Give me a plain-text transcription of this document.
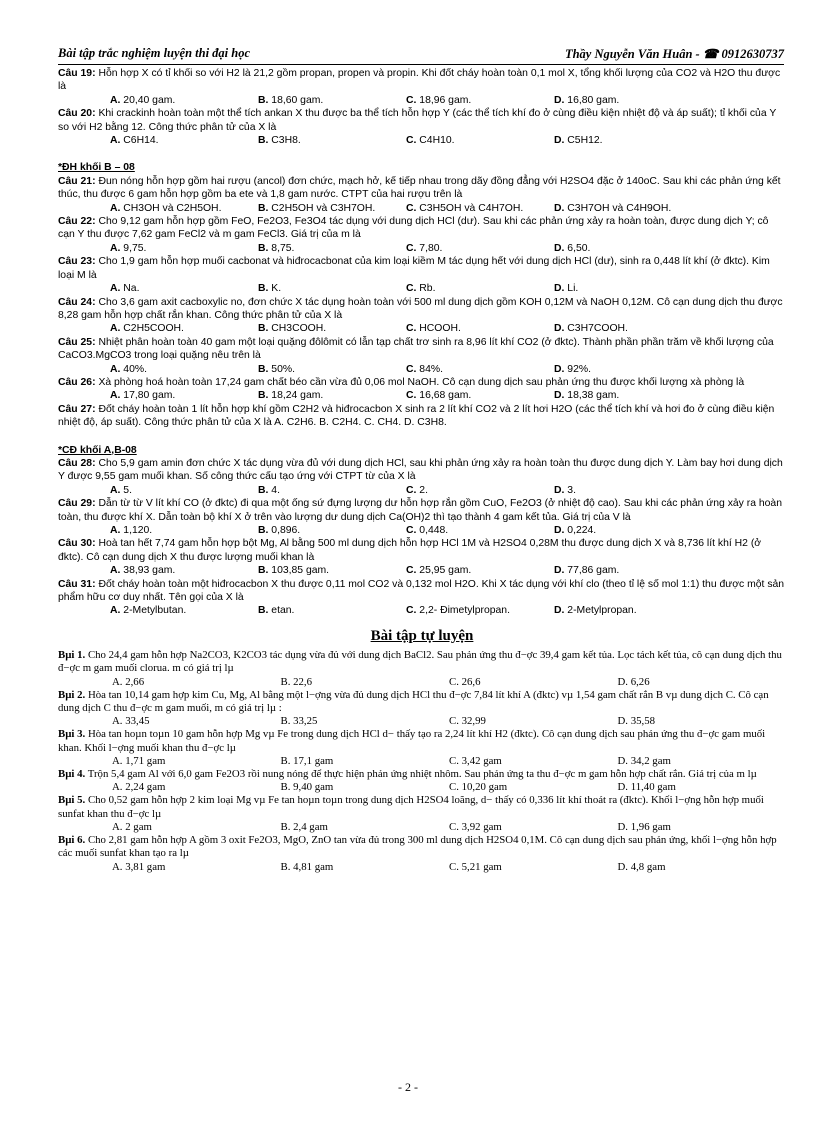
Bài tập trắc nghiệm luyện thi đại học	Thầy Nguyễn Văn Huân - ☎ 0912630737

Câu 19: Hỗn hợp X có tỉ khối so với H2 là 21,2 gồm propan, propen và propin. Khi đốt cháy hoàn toàn 0,1 mol X, tổng khối lượng của CO2 và H2O thu được là

A. 20,40 gam.	B. 18,60 gam.	C. 18,96 gam.	D. 16,80 gam.

Câu 20: Khi crackinh hoàn toàn một thể tích ankan X thu được ba thể tích hỗn hợp Y (các thể tích khí đo ở cùng điều kiện nhiệt độ và áp suất); tỉ khối của Y so với H2 bằng 12. Công thức phân tử của X là

A. C6H14.	B. C3H8.	C. C4H10.	D. C5H12.
*ĐH khối B – 08

Câu 21: Đun nóng hỗn hợp gồm hai rượu (ancol) đơn chức, mạch hở, kế tiếp nhau trong dãy đồng đẳng với H2SO4 đặc ở 140oC. Sau khi các phản ứng kết thúc, thu được 6 gam hỗn hợp gồm ba ete và 1,8 gam nước. CTPT của hai rượu trên là

A. CH3OH và C2H5OH.	B. C2H5OH và C3H7OH.	C. C3H5OH và C4H7OH.	D. C3H7OH và C4H9OH.

Câu 22: Cho 9,12 gam hỗn hợp gồm FeO, Fe2O3, Fe3O4 tác dụng với dung dịch HCl (dư). Sau khi các phản ứng xảy ra hoàn toàn, được dung dịch Y; cô cạn Y thu được 7,62 gam FeCl2 và m gam FeCl3. Giá trị của m là

A. 9,75.	B. 8,75.	C. 7,80.	D. 6,50.

Câu 23: Cho 1,9 gam hỗn hợp muối cacbonat và hiđrocacbonat của kim loại kiềm M tác dụng hết với dung dịch HCl (dư), sinh ra 0,448 lít khí (ở đktc). Kim loại M là

A. Na.	B. K.	C. Rb.	D. Li.

Câu 24: Cho 3,6 gam axit cacboxylic no, đơn chức X tác dụng hoàn toàn với 500 ml dung dịch gồm KOH 0,12M và NaOH 0,12M. Cô cạn dung dịch thu được 8,28 gam hỗn hợp chất rắn khan. Công thức phân tử của X là

A. C2H5COOH.	B. CH3COOH.	C. HCOOH.	D. C3H7COOH.

Câu 25: Nhiệt phân hoàn toàn 40 gam một loại quặng đôlômit có lẫn tạp chất trơ sinh ra 8,96 lít khí CO2 (ở đktc). Thành phần phần trăm về khối lượng của CaCO3.MgCO3 trong loại quặng nêu trên là

A. 40%.	B. 50%.	C. 84%.	D. 92%.

Câu 26: Xà phòng hoá hoàn toàn 17,24 gam chất béo cần vừa đủ 0,06 mol NaOH. Cô cạn dung dịch sau phản ứng thu được khối lượng xà phòng là

A. 17,80 gam.	B. 18,24 gam.	C. 16,68 gam.	D. 18,38 gam.

Câu 27: Đốt cháy hoàn toàn 1 lít hỗn hợp khí gồm C2H2 và hiđrocacbon X sinh ra 2 lít khí CO2 và 2 lít hơi H2O (các thể tích khí và hơi đo ở cùng điều kiện nhiệt độ, áp suất). Công thức phân tử của X là A. C2H6. B. C2H4. C. CH4. D. C3H8.

*CĐ khối A,B-08

Câu 28: Cho 5,9 gam amin đơn chức X tác dụng vừa đủ với dung dịch HCl, sau khi phản ứng xảy ra hoàn toàn thu được dung dịch Y. Làm bay hơi dung dịch Y được 9,55 gam muối khan. Số công thức cấu tạo ứng với CTPT từ của X là

A. 5.	B. 4.	C. 2.	D. 3.

Câu 29: Dẫn từ từ V lít khí CO (ở đktc) đi qua một ống sứ đựng lượng dư hỗn hợp rắn gồm CuO, Fe2O3 (ở nhiệt độ cao). Sau khi các phản ứng xảy ra hoàn toàn, thu được khí X. Dẫn toàn bộ khí X ở trên vào lượng dư dung dịch Ca(OH)2 thì tạo thành 4 gam kết tủa. Giá trị của V là

A. 1,120.	B. 0,896.	C. 0,448.	D. 0,224.

Câu 30: Hoà tan hết 7,74 gam hỗn hợp bột Mg, Al bằng 500 ml dung dịch hỗn hợp HCl 1M và H2SO4 0,28M thu được dung dịch X và 8,736 lít khí H2 (ở đktc). Cô cạn dung dịch X thu được lượng muối khan là

A. 38,93 gam.	B. 103,85 gam.	C. 25,95 gam.	D. 77,86 gam.

Câu 31: Đốt cháy hoàn toàn một hiđrocacbon X thu được 0,11 mol CO2 và 0,132 mol H2O. Khi X tác dụng với khí clo (theo tỉ lệ số mol 1:1) thu được một sản phẩm hữu cơ duy nhất. Tên gọi của X là

A. 2-Metylbutan.	B. etan.	C. 2,2- Đimetylpropan.	D. 2-Metylpropan.
Bài tập tự luyện

Bµi 1. Cho 24,4 gam hỗn hợp Na2CO3, K2CO3 tác dụng vừa đủ với dung dịch BaCl2. Sau phản ứng thu đ−ợc 39,4 gam kết tủa. Lọc tách kết tủa, cô cạn dung dịch thu đ−ợc m gam muối clorua. m có giá trị lµ

A. 2,66	B. 22,6	C. 26,6	D. 6,26

Bµi 2. Hòa tan 10,14 gam hợp kim Cu, Mg, Al bằng một l−ợng vừa đủ dung dịch HCl thu đ−ợc 7,84 lít khí A (đktc) vµ 1,54 gam chất rắn B vµ dung dịch C. Cô cạn dung dịch C thu đ−ợc m gam muối, m có giá trị lµ :

A. 33,45	B. 33,25	C. 32,99	D. 35,58

Bµi 3. Hòa tan hoµn toµn 10 gam hỗn hợp Mg vµ Fe trong dung dịch HCl d− thấy tạo ra 2,24 lít khí H2 (đktc). Cô cạn dung dịch sau phản ứng thu đ−ợc gam muối khan. Khối l−ợng muối khan thu đ−ợc lµ

A. 1,71 gam	B. 17,1 gam	C. 3,42 gam	D. 34,2 gam

Bµi 4. Trộn 5,4 gam Al với 6,0 gam Fe2O3 rồi nung nóng để thực hiện phản ứng nhiệt nhôm. Sau phản ứng ta thu đ−ợc m gam hỗn hợp chất rắn. Giá trị của m lµ

A. 2,24 gam	B. 9,40 gam	C. 10,20 gam	D. 11,40 gam

Bµi 5. Cho 0,52 gam hỗn hợp 2 kim loại Mg vµ Fe tan hoµn toµn trong dung dịch H2SO4 loãng, d− thấy có 0,336 lít khí thoát ra (đktc). Khối l−ợng hỗn hợp muối sunfat khan thu đ−ợc lµ

A. 2 gam	B. 2,4 gam	C. 3,92 gam	D. 1,96 gam

Bµi 6. Cho 2,81 gam hỗn hợp A gồm 3 oxit Fe2O3, MgO, ZnO tan vừa đủ trong 300 ml dung dịch H2SO4 0,1M. Cô cạn dung dịch sau phản ứng, khối l−ợng hỗn hợp các muối sunfat khan tạo ra lµ

A. 3,81 gam	B. 4,81 gam	C. 5,21 gam	D. 4,8 gam
- 2 -
